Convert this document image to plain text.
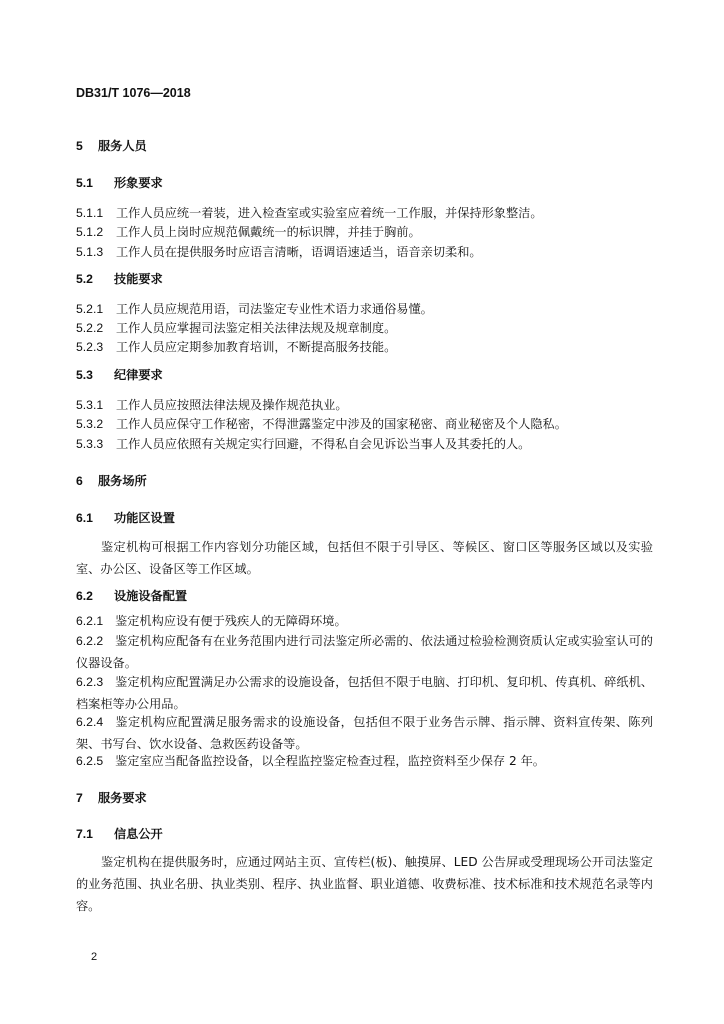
DB31/T 1076—2018
5 服务人员
5.1 形象要求
5.1.1 工作人员应统一着装，进入检查室或实验室应着统一工作服，并保持形象整洁。
5.1.2 工作人员上岗时应规范佩戴统一的标识牌，并挂于胸前。
5.1.3 工作人员在提供服务时应语言清晰，语调语速适当，语音亲切柔和。
5.2 技能要求
5.2.1 工作人员应规范用语，司法鉴定专业性术语力求通俗易懂。
5.2.2 工作人员应掌握司法鉴定相关法律法规及规章制度。
5.2.3 工作人员应定期参加教育培训，不断提高服务技能。
5.3 纪律要求
5.3.1 工作人员应按照法律法规及操作规范执业。
5.3.2 工作人员应保守工作秘密，不得泄露鉴定中涉及的国家秘密、商业秘密及个人隐私。
5.3.3 工作人员应依照有关规定实行回避，不得私自会见诉讼当事人及其委托的人。
6 服务场所
6.1 功能区设置
鉴定机构可根据工作内容划分功能区域，包括但不限于引导区、等候区、窗口区等服务区域以及实验室、办公区、设备区等工作区域。
6.2 设施设备配置
6.2.1 鉴定机构应设有便于残疾人的无障碍环境。
6.2.2 鉴定机构应配备有在业务范围内进行司法鉴定所必需的、依法通过检验检测资质认定或实验室认可的仪器设备。
6.2.3 鉴定机构应配置满足办公需求的设施设备，包括但不限于电脑、打印机、复印机、传真机、碎纸机、档案柜等办公用品。
6.2.4 鉴定机构应配置满足服务需求的设施设备，包括但不限于业务告示牌、指示牌、资料宣传架、陈列架、书写台、饮水设备、急救医药设备等。
6.2.5 鉴定室应当配备监控设备，以全程监控鉴定检查过程，监控资料至少保存 2 年。
7 服务要求
7.1 信息公开
鉴定机构在提供服务时，应通过网站主页、宣传栏(板)、触摸屏、LED 公告屏或受理现场公开司法鉴定的业务范围、执业名册、执业类别、程序、执业监督、职业道德、收费标准、技术标准和技术规范名录等内容。
2
